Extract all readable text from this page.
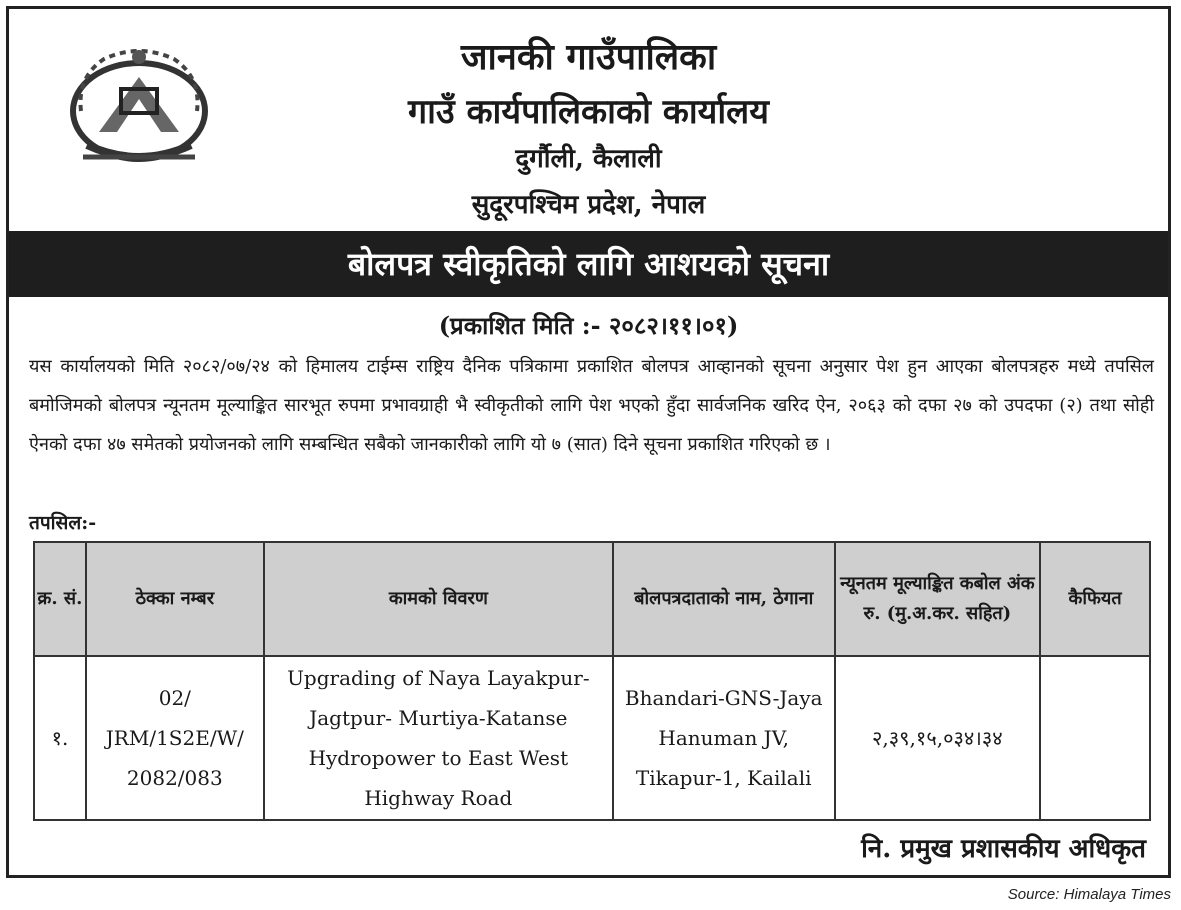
जानकी गाउँपालिका
गाउँ कार्यपालिकाको कार्यालय
दुर्गौली, कैलाली
सुदूरपश्चिम प्रदेश, नेपाल
बोलपत्र स्वीकृतिको लागि आशयको सूचना
(प्रकाशित मिति :- २०८२।११।०१)
यस कार्यालयको मिति २०८२/०७/२४ को हिमालय टाईम्स राष्ट्रिय दैनिक पत्रिकामा प्रकाशित बोलपत्र आव्हानको सूचना अनुसार पेश हुन आएका बोलपत्रहरु मध्ये तपसिल बमोजिमको बोलपत्र न्यूनतम मूल्याङ्कित सारभूत रुपमा प्रभावग्राही भै स्वीकृतीको लागि पेश भएको हुँदा सार्वजनिक खरिद ऐन, २०६३ को दफा २७ को उपदफा (२) तथा सोही ऐनको दफा ४७ समेतको प्रयोजनको लागि सम्बन्धित सबैको जानकारीको लागि यो ७ (सात) दिने सूचना प्रकाशित गरिएको छ ।
तपसिल:-
क्र. सं.	ठेक्का नम्बर	कामको विवरण	बोलपत्रदाताको नाम, ठेगाना	न्यूनतम मूल्याङ्कित कबोल अंक रु. (मु.अ.कर. सहित)	कैफियत
१.	02/ JRM/1S2E/W/ 2082/083	Upgrading of Naya Layakpur-Jagtpur- Murtiya-Katanse Hydropower to East West Highway Road	Bhandari-GNS-Jaya Hanuman JV, Tikapur-1, Kailali	२,३९,१५,०३४।३४	
नि. प्रमुख प्रशासकीय अधिकृत
Source: Himalaya Times
